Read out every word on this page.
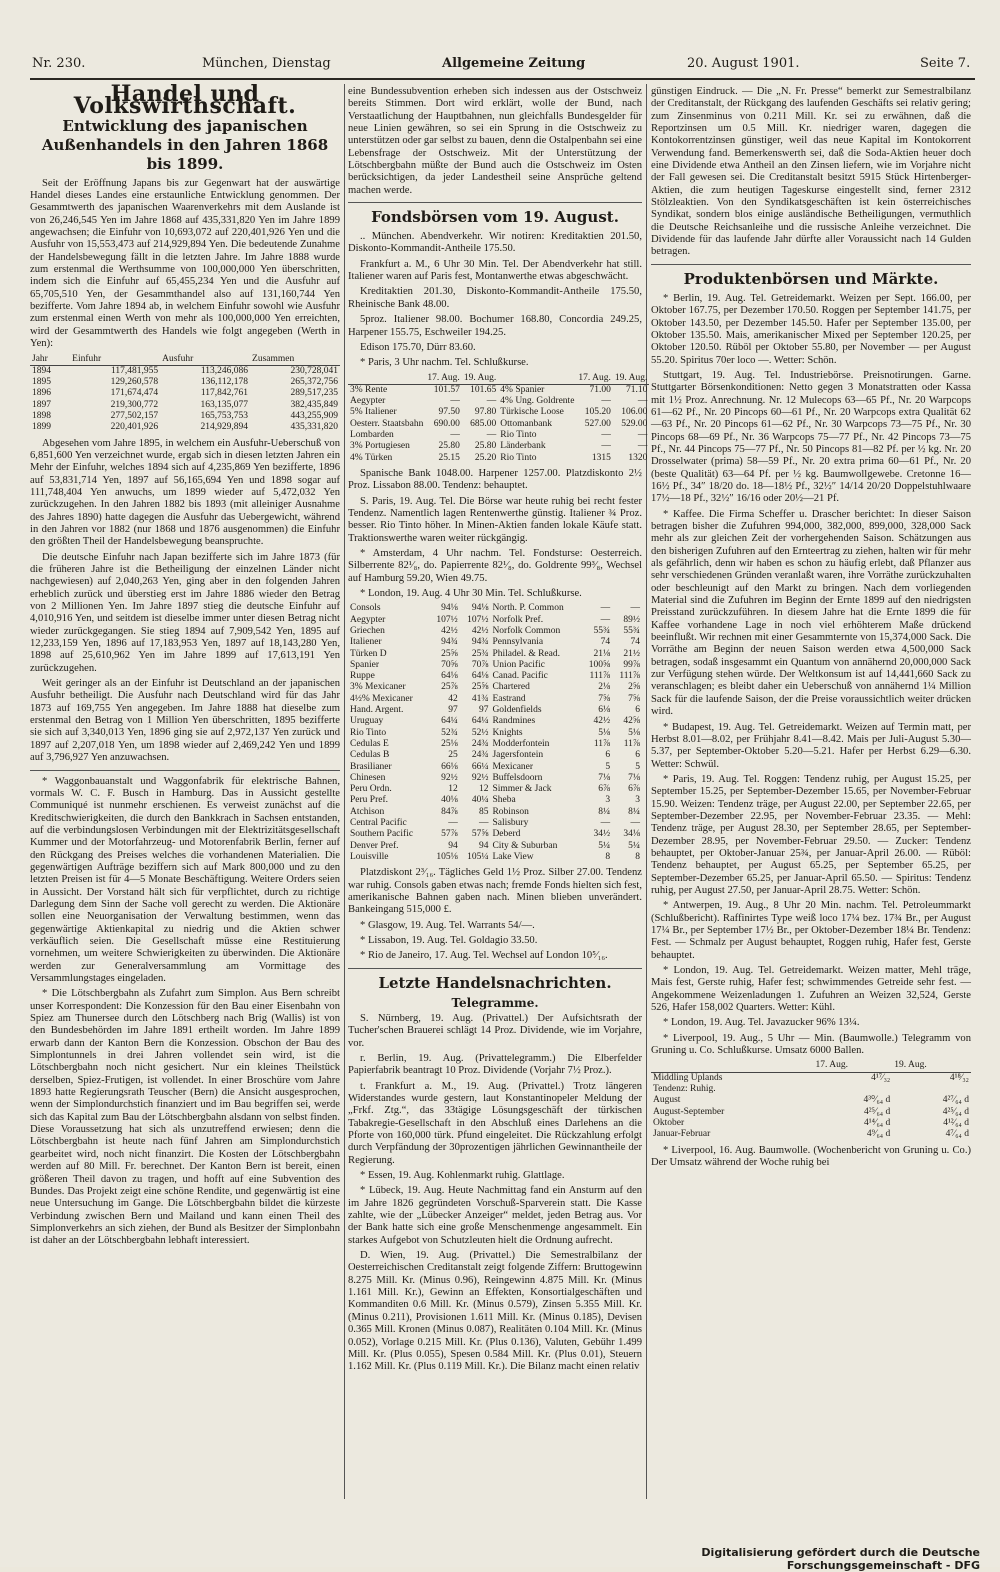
Nr. 230.	München, Dienstag	Allgemeine Zeitung	20. August 1901.	Seite 7.
Handel und Volkswirthschaft.
Entwicklung des japanischen Außenhandels in den Jahren 1868 bis 1899.

Seit der Eröffnung Japans bis zur Gegenwart hat der auswärtige Handel dieses Landes eine erstaunliche Entwicklung genommen. Der Gesammtwerth des japanischen Waarenverkehrs mit dem Auslande ist von 26,246,545 Yen im Jahre 1868 auf 435,331,820 Yen im Jahre 1899 angewachsen; die Einfuhr von 10,693,072 auf 220,401,926 Yen und die Ausfuhr von 15,553,473 auf 214,929,894 Yen. Die bedeutende Zunahme der Handelsbewegung fällt in die letzten Jahre. Im Jahre 1888 wurde zum erstenmal die Werthsumme von 100,000,000 Yen überschritten, indem sich die Einfuhr auf 65,455,234 Yen und die Ausfuhr auf 65,705,510 Yen, der Gesammthandel also auf 131,160,744 Yen bezifferte. Vom Jahre 1894 ab, in welchem Einfuhr sowohl wie Ausfuhr zum erstenmal einen Werth von mehr als 100,000,000 Yen erreichten, wird der Gesammtwerth des Handels wie folgt angegeben (Werth in Yen):

Jahr	Einfuhr	Ausfuhr	Zusammen
1894	117,481,955	113,246,086	230,728,041
1895	129,260,578	136,112,178	265,372,756
1896	171,674,474	117,842,761	289,517,235
1897	219,300,772	163,135,077	382,435,849
1898	277,502,157	165,753,753	443,255,909
1899	220,401,926	214,929,894	435,331,820

Abgesehen vom Jahre 1895, in welchem ein Ausfuhr-Ueberschuß von 6,851,600 Yen verzeichnet wurde, ergab sich in diesen letzten Jahren ein Mehr der Einfuhr, welches 1894 sich auf 4,235,869 Yen bezifferte, 1896 auf 53,831,714 Yen, 1897 auf 56,165,694 Yen und 1898 sogar auf 111,748,404 Yen anwuchs, um 1899 wieder auf 5,472,032 Yen zurückzugehen. In den Jahren 1882 bis 1893 (mit alleiniger Ausnahme des Jahres 1890) hatte dagegen die Ausfuhr das Uebergewicht, während in den Jahren vor 1882 (nur 1868 und 1876 ausgenommen) die Einfuhr den größten Theil der Handelsbewegung beanspruchte.

Die deutsche Einfuhr nach Japan bezifferte sich im Jahre 1873 (für die früheren Jahre ist die Betheiligung der einzelnen Länder nicht nachgewiesen) auf 2,040,263 Yen, ging aber in den folgenden Jahren erheblich zurück und überstieg erst im Jahre 1886 wieder den Betrag von 2 Millionen Yen. Im Jahre 1897 stieg die deutsche Einfuhr auf 4,010,916 Yen, und seitdem ist dieselbe immer unter diesen Betrag nicht wieder zurückgegangen. Sie stieg 1894 auf 7,909,542 Yen, 1895 auf 12,233,159 Yen, 1896 auf 17,183,953 Yen, 1897 auf 18,143,280 Yen, 1898 auf 25,610,962 Yen im Jahre 1899 auf 17,613,191 Yen zurückzugehen.

Weit geringer als an der Einfuhr ist Deutschland an der japanischen Ausfuhr betheiligt. Die Ausfuhr nach Deutschland wird für das Jahr 1873 auf 169,755 Yen angegeben. Im Jahre 1888 hat dieselbe zum erstenmal den Betrag von 1 Million Yen überschritten, 1895 bezifferte sie sich auf 3,340,013 Yen, 1896 ging sie auf 2,972,137 Yen zurück und 1897 auf 2,207,018 Yen, um 1898 wieder auf 2,469,242 Yen und 1899 auf 3,796,927 Yen anzuwachsen.

* Waggonbauanstalt und Waggonfabrik für elektrische Bahnen, vormals W. C. F. Busch in Hamburg. Das in Aussicht gestellte Communiqué ist nunmehr erschienen. Es verweist zunächst auf die Kreditschwierigkeiten, die durch den Bankkrach in Sachsen entstanden, auf die verbindungslosen Verbindungen mit der Elektrizitätsgesellschaft Kummer und der Motorfahrzeug- und Motorenfabrik Berlin, ferner auf den Rückgang des Preises welches die vorhandenen Materialien. Die gegenwärtigen Aufträge beziffern sich auf Mark 800,000 und zu den letzten Preisen ist für 4—5 Monate Beschäftigung. Weitere Orders seien in Aussicht. Der Vorstand hält sich für verpflichtet, durch zu richtige Darlegung dem Sinn der Sache voll gerecht zu werden. Die Aktionäre sollen eine Neuorganisation der Verwaltung bestimmen, wenn das gegenwärtige Aktienkapital zu niedrig und die Aktien schwer verkäuflich seien. Die Gesellschaft müsse eine Restituierung vornehmen, um weitere Schwierigkeiten zu überwinden. Die Aktionäre werden zur Generalversammlung am Vormittage des Versammlungstages eingeladen.

* Die Lötschbergbahn als Zufahrt zum Simplon. Aus Bern schreibt unser Korrespondent: Die Konzession für den Bau einer Eisenbahn von Spiez am Thunersee durch den Lötschberg nach Brig (Wallis) ist von den Bundesbehörden im Jahre 1891 ertheilt worden. Im Jahre 1899 erwarb dann der Kanton Bern die Konzession. Obschon der Bau des Simplontunnels in drei Jahren vollendet sein wird, ist die Lötschbergbahn noch nicht gesichert. Nur ein kleines Theilstück derselben, Spiez-Frutigen, ist vollendet. In einer Broschüre vom Jahre 1893 hatte Regierungsrath Teuscher (Bern) die Ansicht ausgesprochen, wenn der Simplondurchstich finanziert und im Bau begriffen sei, werde sich das Kapital zum Bau der Lötschbergbahn alsdann von selbst finden. Diese Voraussetzung hat sich als unzutreffend erwiesen; denn die Lötschbergbahn ist heute nach fünf Jahren am Simplondurchstich gearbeitet wird, noch nicht finanzirt. Die Kosten der Lötschbergbahn werden auf 80 Mill. Fr. berechnet. Der Kanton Bern ist bereit, einen größeren Theil davon zu tragen, und hofft auf eine Subvention des Bundes. Das Projekt zeigt eine schöne Rendite, und gegenwärtig ist eine neue Untersuchung im Gange. Die Lötschbergbahn bildet die kürzeste Verbindung zwischen Bern und Mailand und kann einen Theil des Simplonverkehrs an sich ziehen, der Bund als Besitzer der Simplonbahn ist daher an der Lötschbergbahn lebhaft interessiert.

eine Bundessubvention erheben sich indessen aus der Ostschweiz bereits Stimmen. Dort wird erklärt, wolle der Bund, nach Verstaatlichung der Hauptbahnen, nun gleichfalls Bundesgelder für neue Linien gewähren, so sei ein Sprung in die Ostschweiz zu unterstützen oder gar selbst zu bauen, denn die Ostalpenbahn sei eine Lebensfrage der Ostschweiz. Mit der Unterstützung der Lötschbergbahn müßte der Bund auch die Ostschweiz im Osten berücksichtigen, da jeder Landestheil seine Ansprüche geltend machen werde.

Fondsbörsen vom 19. August.

.. München. Abendverkehr. Wir notiren: Kreditaktien 201.50, Diskonto-Kommandit-Antheile 175.50.

Frankfurt a. M., 6 Uhr 30 Min. Tel. Der Abendverkehr hat still. Italiener waren auf Paris fest, Montanwerthe etwas abgeschwächt.

Kreditaktien 201.30, Diskonto-Kommandit-Antheile 175.50, Rheinische Bank 48.00.

5proz. Italiener 98.00. Bochumer 168.80, Concordia 249.25, Harpener 155.75, Eschweiler 194.25.

Edison 175.70, Dürr 83.60.

* Paris, 3 Uhr nachm. Tel. Schlußkurse.

	17. Aug.	19. Aug.		17. Aug.	19. Aug.
3% Rente	101.57	101.65	4% Spanier	71.00	71.10
Aegypter	—	—	4% Ung. Goldrente	—	—
5% Italiener	97.50	97.80	Türkische Loose	105.20	106.00
Oesterr. Staatsbahn	690.00	685.00	Ottomanbank	527.00	529.00
Lombarden	—	—	Rio Tinto	—	—
3% Portugiesen	25.80	25.80	Länderbank	—	—
4% Türken	25.15	25.20	Rio Tinto	1315	1320

Spanische Bank 1048.00. Harpener 1257.00. Platzdiskonto 2½ Proz. Lissabon 88.00. Tendenz: behauptet.

S. Paris, 19. Aug. Tel. Die Börse war heute ruhig bei recht fester Tendenz. Namentlich lagen Rentenwerthe günstig. Italiener ¾ Proz. besser. Rio Tinto höher. In Minen-Aktien fanden lokale Käufe statt. Traktionswerthe waren weiter rückgängig.

* Amsterdam, 4 Uhr nachm. Tel. Fondsturse: Oesterreich. Silberrente 82¹⁄₈, do. Papierrente 82¹⁄₈, do. Goldrente 99³⁄₈, Wechsel auf Hamburg 59.20, Wien 49.75.

* London, 19. Aug. 4 Uhr 30 Min. Tel. Schlußkurse.

Consols	94⅛	94⅛	North. P. Common	—	—
Aegypter	107½	107½	Norfolk Pref.	—	89½
Griechen	42½	42½	Norfolk Common	55¾	55¾
Italiener	94¾	94¾	Pennsylvania	74	74
Türken D	25⅝	25¾	Philadel. & Read.	21⅛	21½
Spanier	70⅝	70⅞	Union Pacific	100⅝	99⅞
Ruppe	64⅛	64⅛	Canad. Pacific	111⅞	111⅞
3% Mexicaner	25⅞	25⅝	Chartered	2⅛	2⅝
4½% Mexicaner	42	41¾	Eastrand	7⅝	7⅝
Hand. Argent.	97	97	Goldenfields	6⅛	6
Uruguay	64¼	64¼	Randmines	42½	42⅝
Rio Tinto	52¾	52½	Knights	5⅛	5⅛
Cedulas E	25⅛	24¾	Modderfontein	11⅞	11⅞
Cedulas B	25	24¾	Jagersfontein	6	6
Brasilianer	66⅛	66¼	Mexicaner	5	5
Chinesen	92½	92½	Buffelsdoorn	7⅛	7⅛
Peru Ordn.	12	12	Simmer & Jack	6⅞	6⅞
Peru Pref.	40⅛	40¼	Sheba	3	3
Atchison	84⅞	85	Robinson	8¼	8¼
Central Pacific	—	—	Salisbury	—	—
Southern Pacific	57⅞	57⅝	Deberd	34½	34⅛
Denver Pref.	94	94	City & Suburban	5¼	5¼
Louisville	105⅛	105¼	Lake View	8	8

Platzdiskont 2³⁄₁₆. Tägliches Geld 1½ Proz. Silber 27.00. Tendenz war ruhig. Consols gaben etwas nach; fremde Fonds hielten sich fest, amerikanische Bahnen gaben nach. Minen blieben unverändert. Bankeingang 515,000 £.

* Glasgow, 19. Aug. Tel. Warrants 54/—.

* Lissabon, 19. Aug. Tel. Goldagio 33.50.

* Rio de Janeiro, 17. Aug. Tel. Wechsel auf London 10⁵⁄₁₆.

Letzte Handelsnachrichten.
Telegramme.

S. Nürnberg, 19. Aug. (Privattel.) Der Aufsichtsrath der Tucher'schen Brauerei schlägt 14 Proz. Dividende, wie im Vorjahre, vor.

r. Berlin, 19. Aug. (Privattelegramm.) Die Elberfelder Papierfabrik beantragt 10 Proz. Dividende (Vorjahr 7½ Proz.).

t. Frankfurt a. M., 19. Aug. (Privattel.) Trotz längeren Widerstandes wurde gestern, laut Konstantinopeler Meldung der „Frkf. Ztg.“, das 33tägige Lösungsgeschäft der türkischen Tabakregie-Gesellschaft in den Abschluß eines Darlehens an die Pforte von 160,000 türk. Pfund eingeleitet. Die Rückzahlung erfolgt durch Verpfändung der 30prozentigen jährlichen Gewinnantheile der Regierung.

* Essen, 19. Aug. Kohlenmarkt ruhig. Glattlage.

* Lübeck, 19. Aug. Heute Nachmittag fand ein Ansturm auf den im Jahre 1826 gegründeten Vorschuß-Sparverein statt. Die Kasse zahlte, wie der „Lübecker Anzeiger“ meldet, jeden Betrag aus. Vor der Bank hatte sich eine große Menschenmenge angesammelt. Ein starkes Aufgebot von Schutzleuten hielt die Ordnung aufrecht.

D. Wien, 19. Aug. (Privattel.) Die Semestralbilanz der Oesterreichischen Creditanstalt zeigt folgende Ziffern: Bruttogewinn 8.275 Mill. Kr. (Minus 0.96), Reingewinn 4.875 Mill. Kr. (Minus 1.161 Mill. Kr.), Gewinn an Effekten, Konsortialgeschäften und Kommanditen 0.6 Mill. Kr. (Minus 0.579), Zinsen 5.355 Mill. Kr. (Minus 0.211), Provisionen 1.611 Mill. Kr. (Minus 0.185), Devisen 0.365 Mill. Kronen (Minus 0.087), Realitäten 0.104 Mill. Kr. (Minus 0.052), Vorlage 0.215 Mill. Kr. (Plus 0.136), Valuten, Gebühr 1.499 Mill. Kr. (Plus 0.055), Spesen 0.584 Mill. Kr. (Plus 0.01), Steuern 1.162 Mill. Kr. (Plus 0.119 Mill. Kr.). Die Bilanz macht einen relativ

günstigen Eindruck. — Die „N. Fr. Presse“ bemerkt zur Semestralbilanz der Creditanstalt, der Rückgang des laufenden Geschäfts sei relativ gering; zum Zinsenminus von 0.211 Mill. Kr. sei zu erwähnen, daß die Reportzinsen um 0.5 Mill. Kr. niedriger waren, dagegen die Kontokorrentzinsen günstiger, weil das neue Kapital im Kontokorrent Verwendung fand. Bemerkenswerth sei, daß die Soda-Aktien heuer doch eine Dividende etwa Antheil an den Zinsen liefern, wie im Vorjahre nicht der Fall gewesen sei. Die Creditanstalt besitzt 5915 Stück Hirtenberger-Aktien, die zum heutigen Tageskurse eingestellt sind, ferner 2312 Stölzleaktien. Von den Syndikatsgeschäften ist kein österreichisches Syndikat, sondern blos einige ausländische Betheiligungen, vermuthlich die Deutsche Reichsanleihe und die russische Anleihe verzeichnet. Die Dividende für das laufende Jahr dürfte aller Voraussicht nach 14 Gulden betragen.

Produktenbörsen und Märkte.

* Berlin, 19. Aug. Tel. Getreidemarkt. Weizen per Sept. 166.00, per Oktober 167.75, per Dezember 170.50. Roggen per September 141.75, per Oktober 143.50, per Dezember 145.50. Hafer per September 135.00, per Oktober 135.50. Mais, amerikanischer Mixed per September 120.25, per Oktober 120.50. Rüböl per Oktober 55.80, per November — per August 55.20. Spiritus 70er loco —. Wetter: Schön.

Stuttgart, 19. Aug. Tel. Industriebörse. Preisnotirungen. Garne. Stuttgarter Börsenkonditionen: Netto gegen 3 Monatstratten oder Kassa mit 1½ Proz. Anrechnung. Nr. 12 Mulecops 63—65 Pf., Nr. 20 Warpcops 61—62 Pf., Nr. 20 Pincops 60—61 Pf., Nr. 20 Warpcops extra Qualität 62—63 Pf., Nr. 20 Pincops 61—62 Pf., Nr. 30 Warpcops 73—75 Pf., Nr. 30 Pincops 68—69 Pf., Nr. 36 Warpcops 75—77 Pf., Nr. 42 Pincops 73—75 Pf., Nr. 44 Pincops 75—77 Pf., Nr. 50 Pincops 81—82 Pf. per ½ kg. Nr. 20 Drosselwater (prima) 58—59 Pf., Nr. 20 extra prima 60—61 Pf., Nr. 20 (beste Qualität) 63—64 Pf. per ½ kg. Baumwollgewebe. Cretonne 16—16½ Pf., 34″ 18/20 do. 18—18½ Pf., 32½″ 14/14 20/20 Doppelstuhlwaare 17½—18 Pf., 32½″ 16/16 oder 20½—21 Pf.

* Kaffee. Die Firma Scheffer u. Drascher berichtet: In dieser Saison betragen bisher die Zufuhren 994,000, 382,000, 899,000, 328,000 Sack mehr als zur gleichen Zeit der vorhergehenden Saison. Schätzungen aus den bisherigen Zufuhren auf den Ernteertrag zu ziehen, halten wir für mehr als gefährlich, denn wir haben es schon zu häufig erlebt, daß Pflanzer aus sehr verschiedenen Gründen veranlaßt waren, ihre Vorräthe zurückzuhalten oder beschleunigt auf den Markt zu bringen. Nach dem vorliegenden Material sind die Zufuhren im Beginn der Ernte 1899 auf den niedrigsten Preisstand zurückzuführen. In diesem Jahre hat die Ernte 1899 die für Kaffee vorhandene Lage in noch viel erhöhterem Maße drückend beeinflußt. Wir rechnen mit einer Gesammternte von 15,374,000 Sack. Die Vorräthe am Beginn der neuen Saison werden etwa 4,500,000 Sack betragen, sodaß insgesammt ein Quantum von annähernd 20,000,000 Sack zur Verfügung stehen würde. Der Weltkonsum ist auf 14,441,660 Sack zu veranschlagen; es bleibt daher ein Ueberschuß von annähernd 1¼ Million Sack für die laufende Saison, der die Preise voraussichtlich weiter drücken wird.

* Budapest, 19. Aug. Tel. Getreidemarkt. Weizen auf Termin matt, per Herbst 8.01—8.02, per Frühjahr 8.41—8.42. Mais per Juli-August 5.30—5.37, per September-Oktober 5.20—5.21. Hafer per Herbst 6.29—6.30. Wetter: Schwül.

* Paris, 19. Aug. Tel. Roggen: Tendenz ruhig, per August 15.25, per September 15.25, per September-Dezember 15.65, per November-Februar 15.90. Weizen: Tendenz träge, per August 22.00, per September 22.65, per September-Dezember 22.95, per November-Februar 23.35. — Mehl: Tendenz träge, per August 28.30, per September 28.65, per September-Dezember 28.95, per November-Februar 29.50. — Zucker: Tendenz behauptet, per Oktober-Januar 25¾, per Januar-April 26.00. — Rüböl: Tendenz behauptet, per August 65.25, per September 65.25, per September-Dezember 65.25, per Januar-April 65.50. — Spiritus: Tendenz ruhig, per August 27.50, per Januar-April 28.75. Wetter: Schön.

* Antwerpen, 19. Aug., 8 Uhr 20 Min. nachm. Tel. Petroleummarkt (Schlußbericht). Raffinirtes Type weiß loco 17¼ bez. 17¾ Br., per August 17¼ Br., per September 17½ Br., per Oktober-Dezember 18¼ Br. Tendenz: Fest. — Schmalz per August behauptet, Roggen ruhig, Hafer fest, Gerste behauptet.

* London, 19. Aug. Tel. Getreidemarkt. Weizen matter, Mehl träge, Mais fest, Gerste ruhig, Hafer fest; schwimmendes Getreide sehr fest. — Angekommene Weizenladungen 1. Zufuhren an Weizen 32,524, Gerste 526, Hafer 158,002 Quarters. Wetter: Kühl.

* London, 19. Aug. Tel. Javazucker 96% 13¼.

* Liverpool, 19. Aug., 5 Uhr — Min. (Baumwolle.) Telegramm von Gruning u. Co. Schlußkurse. Umsatz 6000 Ballen.

	17. Aug.	19. Aug.
Middling Uplands	4¹⁷⁄₃₂	4¹⁸⁄₃₂
Tendenz: Ruhig.		
August	4³⁰⁄₆₄ d	4²⁷⁄₆₄ d
August-September	4²⁵⁄₆₄ d	4²⁵⁄₆₄ d
Oktober	4¹⁴⁄₆₄ d	4¹²⁄₆₄ d
Januar-Februar	4⁹⁄₆₄ d	4⁷⁄₆₄ d

* Liverpool, 16. Aug. Baumwolle. (Wochenbericht von Gruning u. Co.) Der Umsatz während der Woche ruhig bei

Digitalisierung gefördert durch die Deutsche Forschungsgemeinschaft - DFG
